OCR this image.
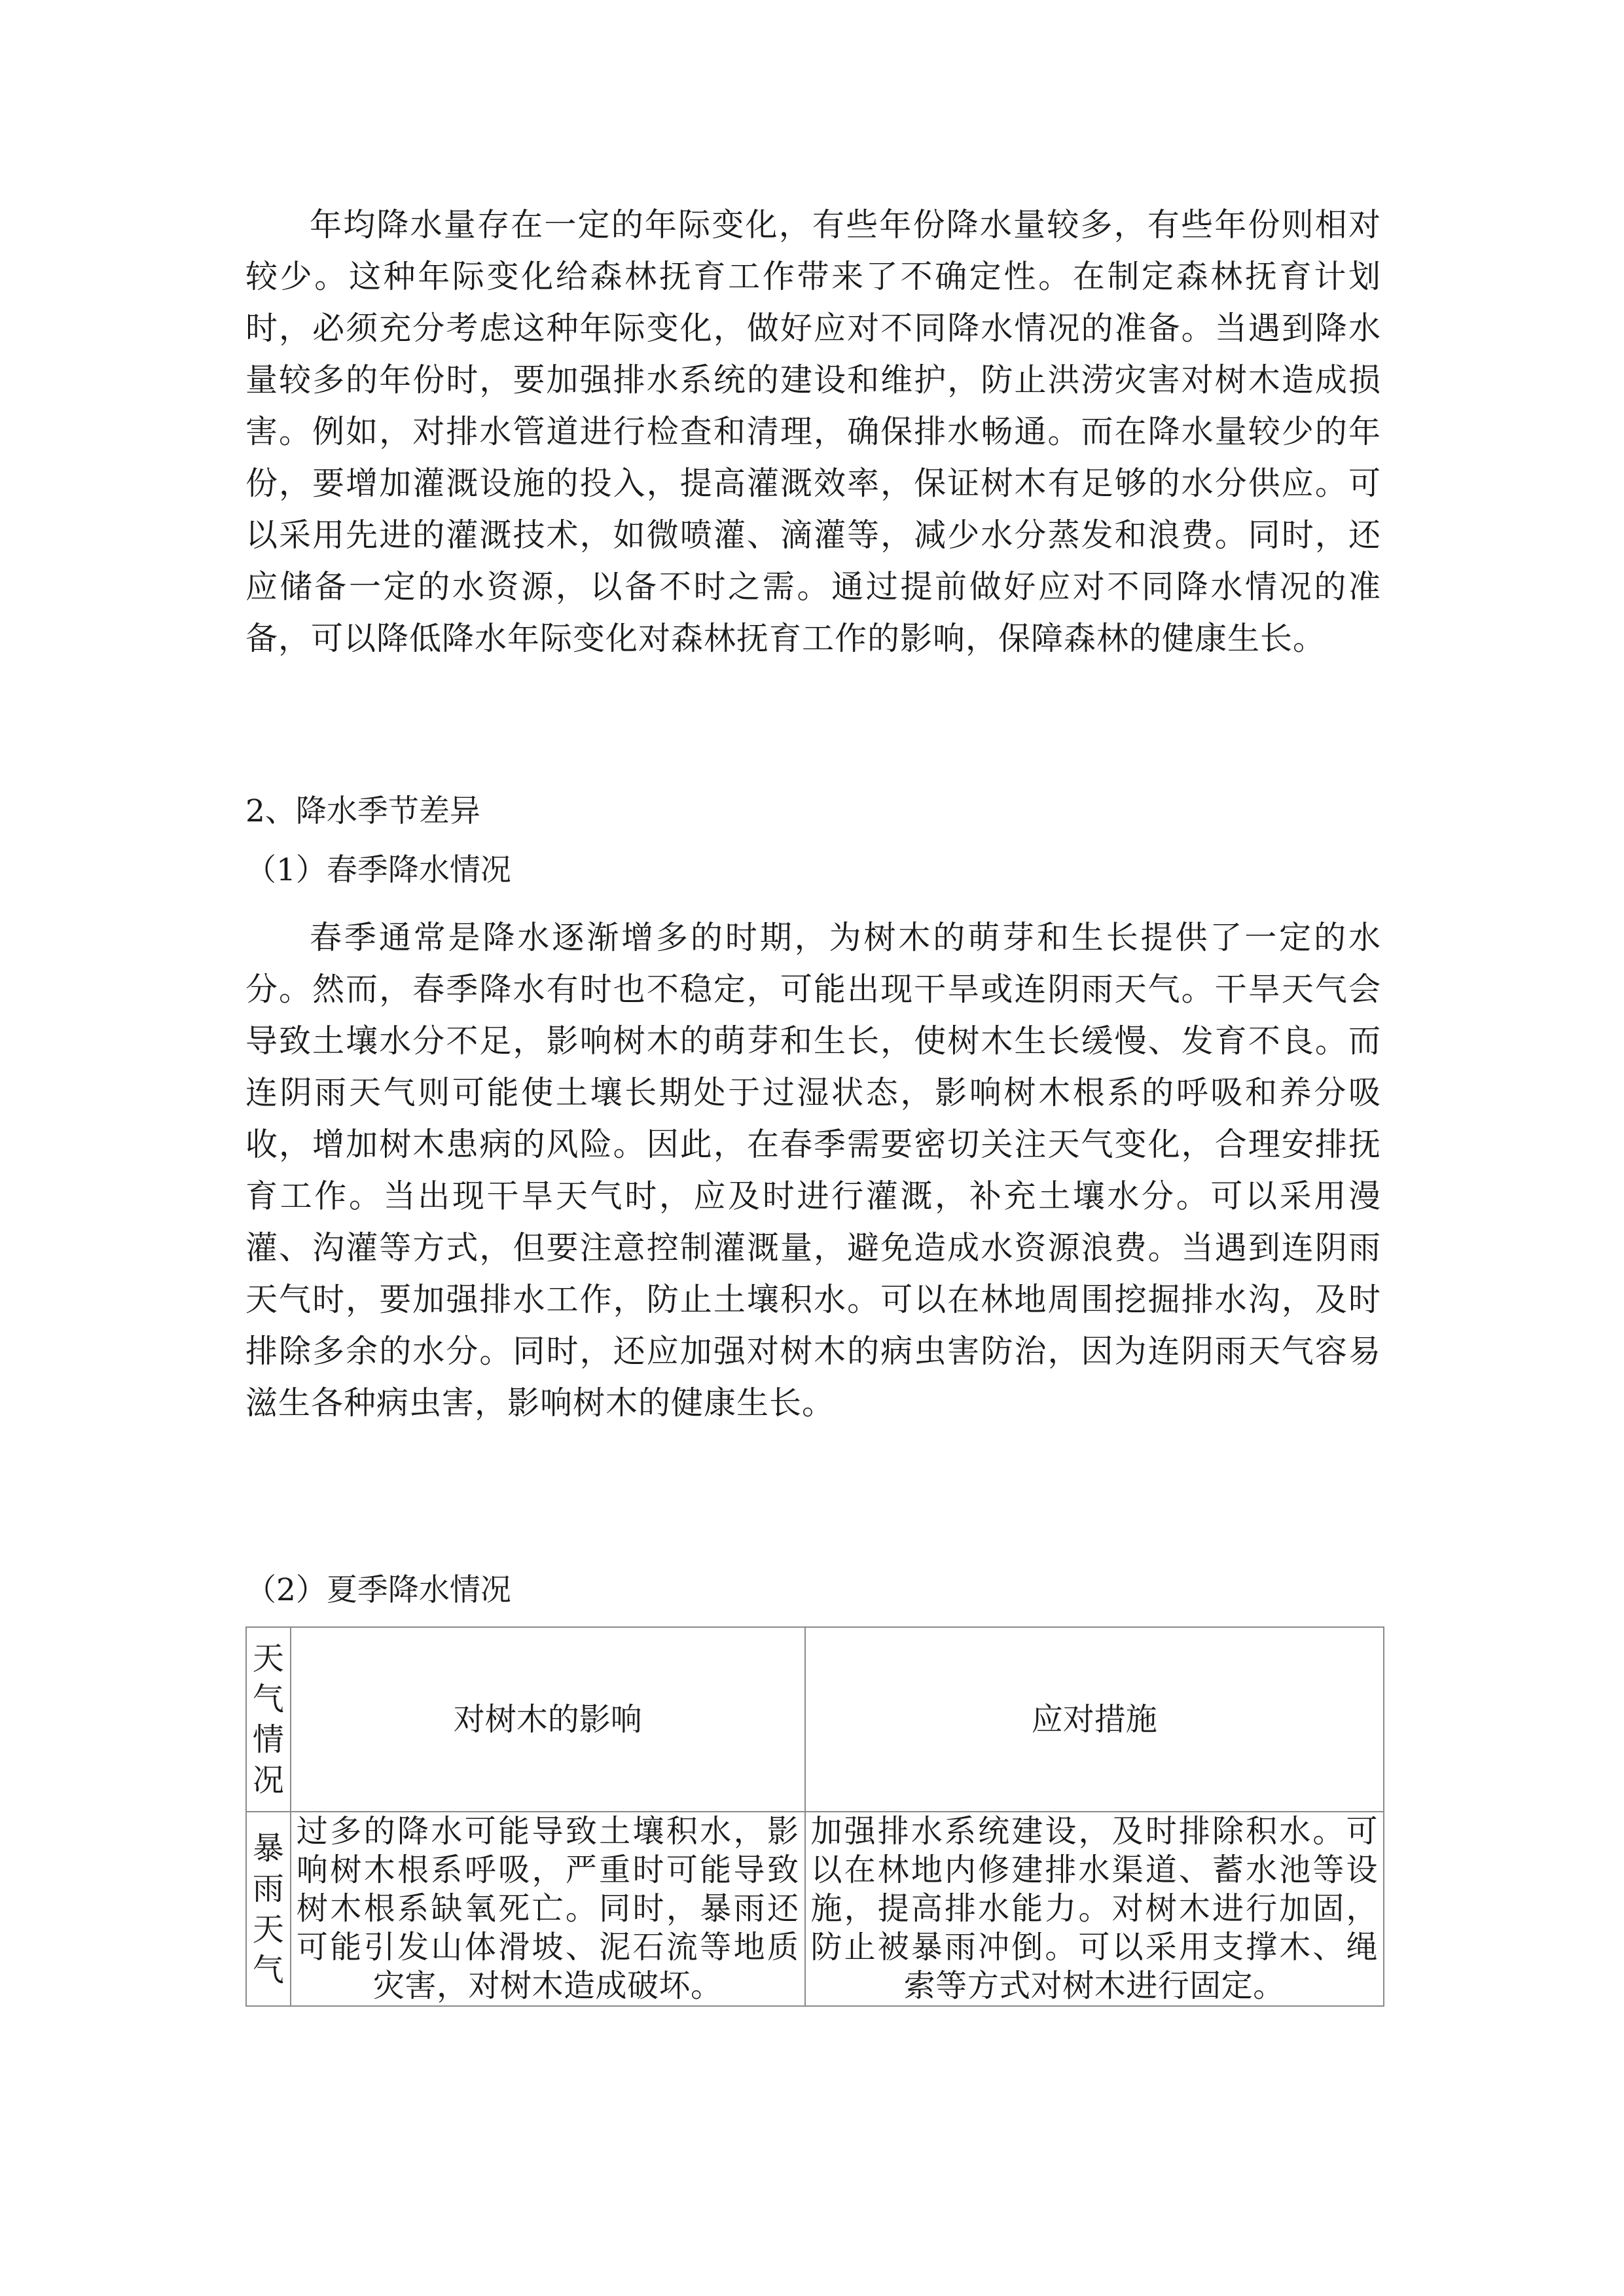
年均降水量存在一定的年际变化，有些年份降水量较多，有些年份则相对较少。这种年际变化给森林抚育工作带来了不确定性。在制定森林抚育计划时，必须充分考虑这种年际变化，做好应对不同降水情况的准备。当遇到降水量较多的年份时，要加强排水系统的建设和维护，防止洪涝灾害对树木造成损害。例如，对排水管道进行检查和清理，确保排水畅通。而在降水量较少的年份，要增加灌溉设施的投入，提高灌溉效率，保证树木有足够的水分供应。可以采用先进的灌溉技术，如微喷灌、滴灌等，减少水分蒸发和浪费。同时，还应储备一定的水资源，以备不时之需。通过提前做好应对不同降水情况的准备，可以降低降水年际变化对森林抚育工作的影响，保障森林的健康生长。

2、降水季节差异

（1）春季降水情况

春季通常是降水逐渐增多的时期，为树木的萌芽和生长提供了一定的水分。然而，春季降水有时也不稳定，可能出现干旱或连阴雨天气。干旱天气会导致土壤水分不足，影响树木的萌芽和生长，使树木生长缓慢、发育不良。而连阴雨天气则可能使土壤长期处于过湿状态，影响树木根系的呼吸和养分吸收，增加树木患病的风险。因此，在春季需要密切关注天气变化，合理安排抚育工作。当出现干旱天气时，应及时进行灌溉，补充土壤水分。可以采用漫灌、沟灌等方式，但要注意控制灌溉量，避免造成水资源浪费。当遇到连阴雨天气时，要加强排水工作，防止土壤积水。可以在林地周围挖掘排水沟，及时排除多余的水分。同时，还应加强对树木的病虫害防治，因为连阴雨天气容易滋生各种病虫害，影响树木的健康生长。

（2）夏季降水情况

天气情况	对树木的影响	应对措施
暴雨天气	过多的降水可能导致土壤积水，影响树木根系呼吸，严重时可能导致树木根系缺氧死亡。同时，暴雨还可能引发山体滑坡、泥石流等地质灾害，对树木造成破坏。	加强排水系统建设，及时排除积水。可以在林地内修建排水渠道、蓄水池等设施，提高排水能力。对树木进行加固，防止被暴雨冲倒。可以采用支撑木、绳索等方式对树木进行固定。
